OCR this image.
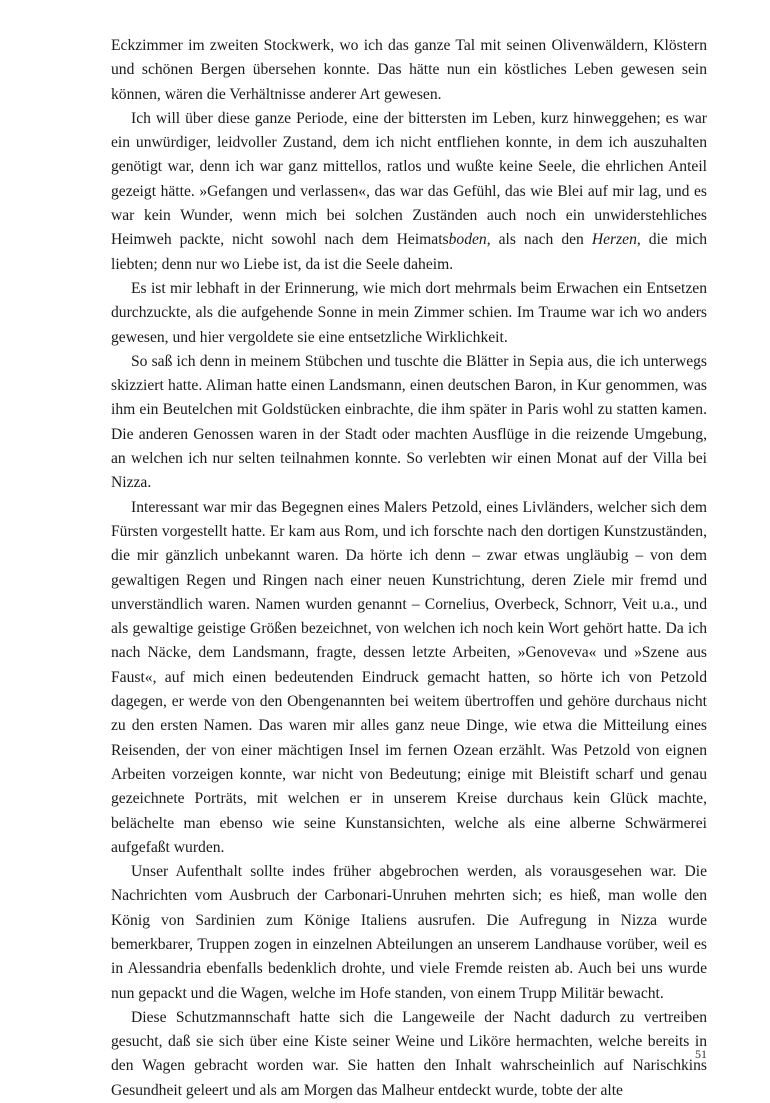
Eckzimmer im zweiten Stockwerk, wo ich das ganze Tal mit seinen Olivenwäldern, Klöstern und schönen Bergen übersehen konnte. Das hätte nun ein köstliches Leben gewesen sein können, wären die Verhältnisse anderer Art gewesen.

Ich will über diese ganze Periode, eine der bittersten im Leben, kurz hinweggehen; es war ein unwürdiger, leidvoller Zustand, dem ich nicht entfliehen konnte, in dem ich auszuhalten genötigt war, denn ich war ganz mittellos, ratlos und wußte keine Seele, die ehrlichen Anteil gezeigt hätte. »Gefangen und verlassen«, das war das Gefühl, das wie Blei auf mir lag, und es war kein Wunder, wenn mich bei solchen Zuständen auch noch ein unwiderstehliches Heimweh packte, nicht sowohl nach dem Heimatsboden, als nach den Herzen, die mich liebten; denn nur wo Liebe ist, da ist die Seele daheim.

Es ist mir lebhaft in der Erinnerung, wie mich dort mehrmals beim Erwachen ein Entsetzen durchzuckte, als die aufgehende Sonne in mein Zimmer schien. Im Traume war ich wo anders gewesen, und hier vergoldete sie eine entsetzliche Wirklichkeit.

So saß ich denn in meinem Stübchen und tuschte die Blätter in Sepia aus, die ich unterwegs skizziert hatte. Aliman hatte einen Landsmann, einen deutschen Baron, in Kur genommen, was ihm ein Beutelchen mit Goldstücken einbrachte, die ihm später in Paris wohl zu statten kamen. Die anderen Genossen waren in der Stadt oder machten Ausflüge in die reizende Umgebung, an welchen ich nur selten teilnahmen konnte. So verlebten wir einen Monat auf der Villa bei Nizza.

Interessant war mir das Begegnen eines Malers Petzold, eines Livländers, welcher sich dem Fürsten vorgestellt hatte. Er kam aus Rom, und ich forschte nach den dortigen Kunstzuständen, die mir gänzlich unbekannt waren. Da hörte ich denn – zwar etwas ungläubig – von dem gewaltigen Regen und Ringen nach einer neuen Kunstrichtung, deren Ziele mir fremd und unverständlich waren. Namen wurden genannt – Cornelius, Overbeck, Schnorr, Veit u.a., und als gewaltige geistige Größen bezeichnet, von welchen ich noch kein Wort gehört hatte. Da ich nach Näcke, dem Landsmann, fragte, dessen letzte Arbeiten, »Genoveva« und »Szene aus Faust«, auf mich einen bedeutenden Eindruck gemacht hatten, so hörte ich von Petzold dagegen, er werde von den Obengenannten bei weitem übertroffen und gehöre durchaus nicht zu den ersten Namen. Das waren mir alles ganz neue Dinge, wie etwa die Mitteilung eines Reisenden, der von einer mächtigen Insel im fernen Ozean erzählt. Was Petzold von eignen Arbeiten vorzeigen konnte, war nicht von Bedeutung; einige mit Bleistift scharf und genau gezeichnete Porträts, mit welchen er in unserem Kreise durchaus kein Glück machte, belächelte man ebenso wie seine Kunstansichten, welche als eine alberne Schwärmerei aufgefaßt wurden.

Unser Aufenthalt sollte indes früher abgebrochen werden, als vorausgesehen war. Die Nachrichten vom Ausbruch der Carbonari-Unruhen mehrten sich; es hieß, man wolle den König von Sardinien zum Könige Italiens ausrufen. Die Aufregung in Nizza wurde bemerkbarer, Truppen zogen in einzelnen Abteilungen an unserem Landhause vorüber, weil es in Alessandria ebenfalls bedenklich drohte, und viele Fremde reisten ab. Auch bei uns wurde nun gepackt und die Wagen, welche im Hofe standen, von einem Trupp Militär bewacht.

Diese Schutzmannschaft hatte sich die Langeweile der Nacht dadurch zu vertreiben gesucht, daß sie sich über eine Kiste seiner Weine und Liköre hermachten, welche bereits in den Wagen gebracht worden war. Sie hatten den Inhalt wahrscheinlich auf Narischkins Gesundheit geleert und als am Morgen das Malheur entdeckt wurde, tobte der alte

51
